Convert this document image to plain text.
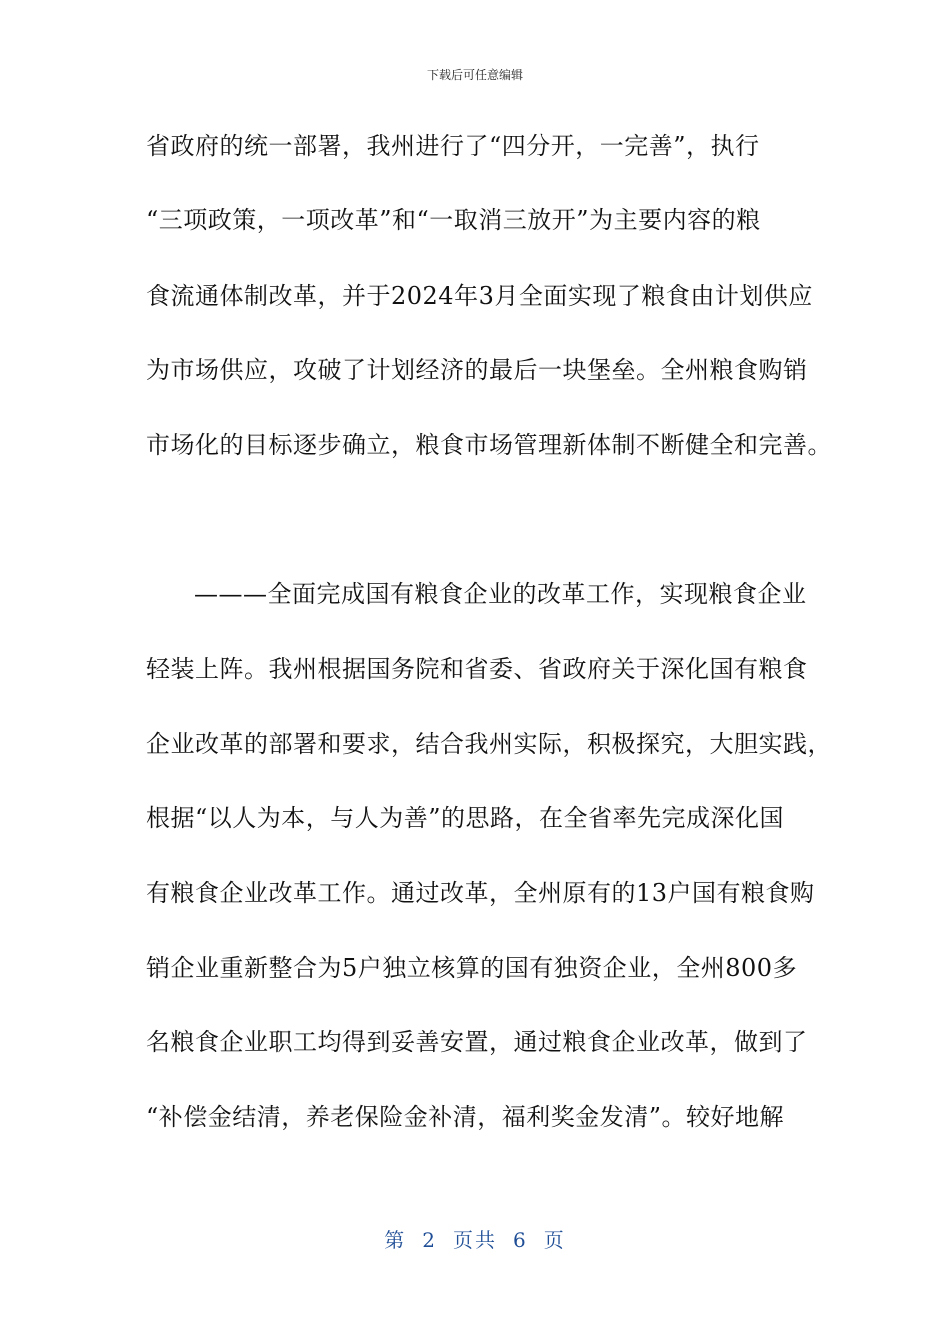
下载后可任意编辑
省政府的统一部署，我州进行了“四分开，一完善”，执行
“三项政策，一项改革”和“一取消三放开”为主要内容的粮
食流通体制改革，并于2024年3月全面实现了粮食由计划供应
为市场供应，攻破了计划经济的最后一块堡垒。全州粮食购销
市场化的目标逐步确立，粮食市场管理新体制不断健全和完善。
———全面完成国有粮食企业的改革工作，实现粮食企业
轻装上阵。我州根据国务院和省委、省政府关于深化国有粮食
企业改革的部署和要求，结合我州实际，积极探究，大胆实践，
根据“以人为本，与人为善”的思路，在全省率先完成深化国
有粮食企业改革工作。通过改革，全州原有的13户国有粮食购
销企业重新整合为5户独立核算的国有独资企业，全州800多
名粮食企业职工均得到妥善安置，通过粮食企业改革，做到了
“补偿金结清，养老保险金补清，福利奖金发清”。较好地解
第 2 页共 6 页
